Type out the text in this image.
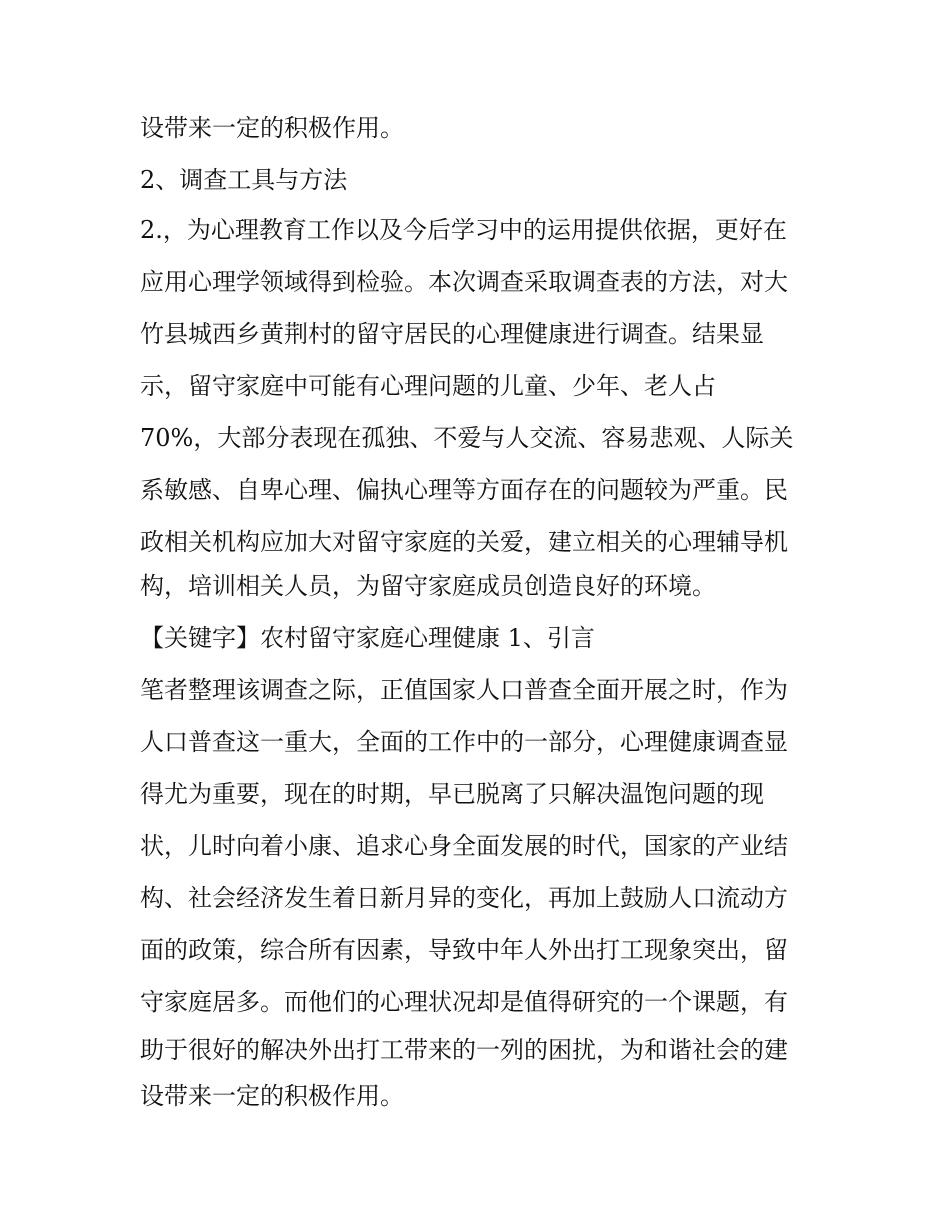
设带来一定的积极作用。

2、调查工具与方法

2.，为心理教育工作以及今后学习中的运用提供依据，更好在

应用心理学领域得到检验。本次调查采取调查表的方法，对大

竹县城西乡黄荆村的留守居民的心理健康进行调查。结果显

示，留守家庭中可能有心理问题的儿童、少年、老人占

70%，大部分表现在孤独、不爱与人交流、容易悲观、人际关

系敏感、自卑心理、偏执心理等方面存在的问题较为严重。民

政相关机构应加大对留守家庭的关爱，建立相关的心理辅导机

构，培训相关人员，为留守家庭成员创造良好的环境。

【关键字】农村留守家庭心理健康 1、引言

笔者整理该调查之际，正值国家人口普查全面开展之时，作为

人口普查这一重大，全面的工作中的一部分，心理健康调查显

得尤为重要，现在的时期，早已脱离了只解决温饱问题的现

状，儿时向着小康、追求心身全面发展的时代，国家的产业结

构、社会经济发生着日新月异的变化，再加上鼓励人口流动方

面的政策，综合所有因素，导致中年人外出打工现象突出，留

守家庭居多。而他们的心理状况却是值得研究的一个课题，有

助于很好的解决外出打工带来的一列的困扰，为和谐社会的建

设带来一定的积极作用。
